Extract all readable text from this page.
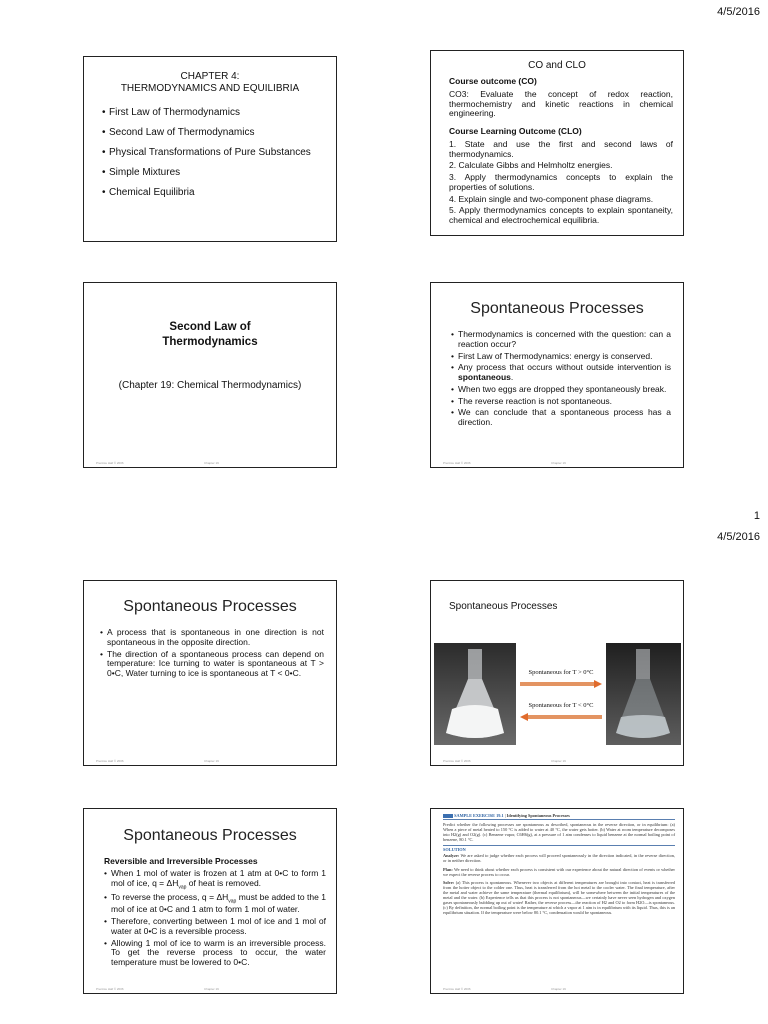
4/5/2016
1
4/5/2016
CHAPTER 4:
THERMODYNAMICS AND EQUILIBRIA
• First Law of Thermodynamics
• Second Law of Thermodynamics
• Physical Transformations of Pure Substances
• Simple Mixtures
• Chemical Equilibria
CO and CLO
Course outcome (CO)
CO3: Evaluate the concept of redox reaction, thermochemistry and kinetic reactions in chemical engineering.
Course Learning Outcome (CLO)
1. State and use the first and second laws of thermodynamics.
2. Calculate Gibbs and Helmholtz energies.
3. Apply thermodynamics concepts to explain the properties of solutions.
4. Explain single and two-component phase diagrams.
5. Apply thermodynamics concepts to explain spontaneity, chemical and electrochemical equilibria.
Second Law of
Thermodynamics
(Chapter 19: Chemical Thermodynamics)
Prentice Hall © 2006	Chapter 19
Spontaneous Processes
• Thermodynamics is concerned with the question: can a reaction occur?
• First Law of Thermodynamics: energy is conserved.
• Any process that occurs without outside intervention is spontaneous.
• When two eggs are dropped they spontaneously break.
• The reverse reaction is not spontaneous.
• We can conclude that a spontaneous process has a direction.
Prentice Hall © 2006	Chapter 19
Spontaneous Processes
• A process that is spontaneous in one direction is not spontaneous in the opposite direction.
• The direction of a spontaneous process can depend on temperature: Ice turning to water is spontaneous at T > 0•C, Water turning to ice is spontaneous at T < 0•C.
Prentice Hall © 2006	Chapter 19
Spontaneous Processes
Spontaneous for T > 0°C
Spontaneous for T < 0°C
Prentice Hall © 2006	Chapter 19
Spontaneous Processes
Reversible and Irreversible Processes
• When 1 mol of water is frozen at 1 atm at 0•C to form 1 mol of ice, $q = \Delta H_{vap}$ of heat is removed.
• To reverse the process, $q = \Delta H_{vap}$ must be added to the 1 mol of ice at 0•C and 1 atm to form 1 mol of water.
• Therefore, converting between 1 mol of ice and 1 mol of water at 0•C is a reversible process.
• Allowing 1 mol of ice to warm is an irreversible process. To get the reverse process to occur, the water temperature must be lowered to 0•C.
Prentice Hall © 2006	Chapter 19
SAMPLE EXERCISE 19.1 | Identifying Spontaneous Processes
Predict whether the following processes are spontaneous as described, spontaneous in the reverse direction, or in equilibrium: (a) When a piece of metal heated to 150 °C is added to water at 40 °C, the water gets hotter. (b) Water at room temperature decomposes into H2(g) and O2(g). (c) Benzene vapor, C6H6(g), at a pressure of 1 atm condenses to liquid benzene at the normal boiling point of benzene, 80.1 °C.
SOLUTION
Analyze: We are asked to judge whether each process will proceed spontaneously in the direction indicated, in the reverse direction, or in neither direction.
Plan: We need to think about whether each process is consistent with our experience about the natural direction of events or whether we expect the reverse process to occur.
Solve: (a) This process is spontaneous. Whenever two objects at different temperatures are brought into contact, heat is transferred from the hotter object to the colder one. Thus, heat is transferred from the hot metal to the cooler water. The final temperature, after the metal and water achieve the same temperature (thermal equilibrium), will be somewhere between the initial temperatures of the metal and the water. (b) Experience tells us that this process is not spontaneous—we certainly have never seen hydrogen and oxygen gases spontaneously bubbling up out of water! Rather, the reverse process—the reaction of H2 and O2 to form H2O—is spontaneous. (c) By definition, the normal boiling point is the temperature at which a vapor at 1 atm is in equilibrium with its liquid. Thus, this is an equilibrium situation. If the temperature were below 80.1 °C, condensation would be spontaneous.
Prentice Hall © 2006	Chapter 19
